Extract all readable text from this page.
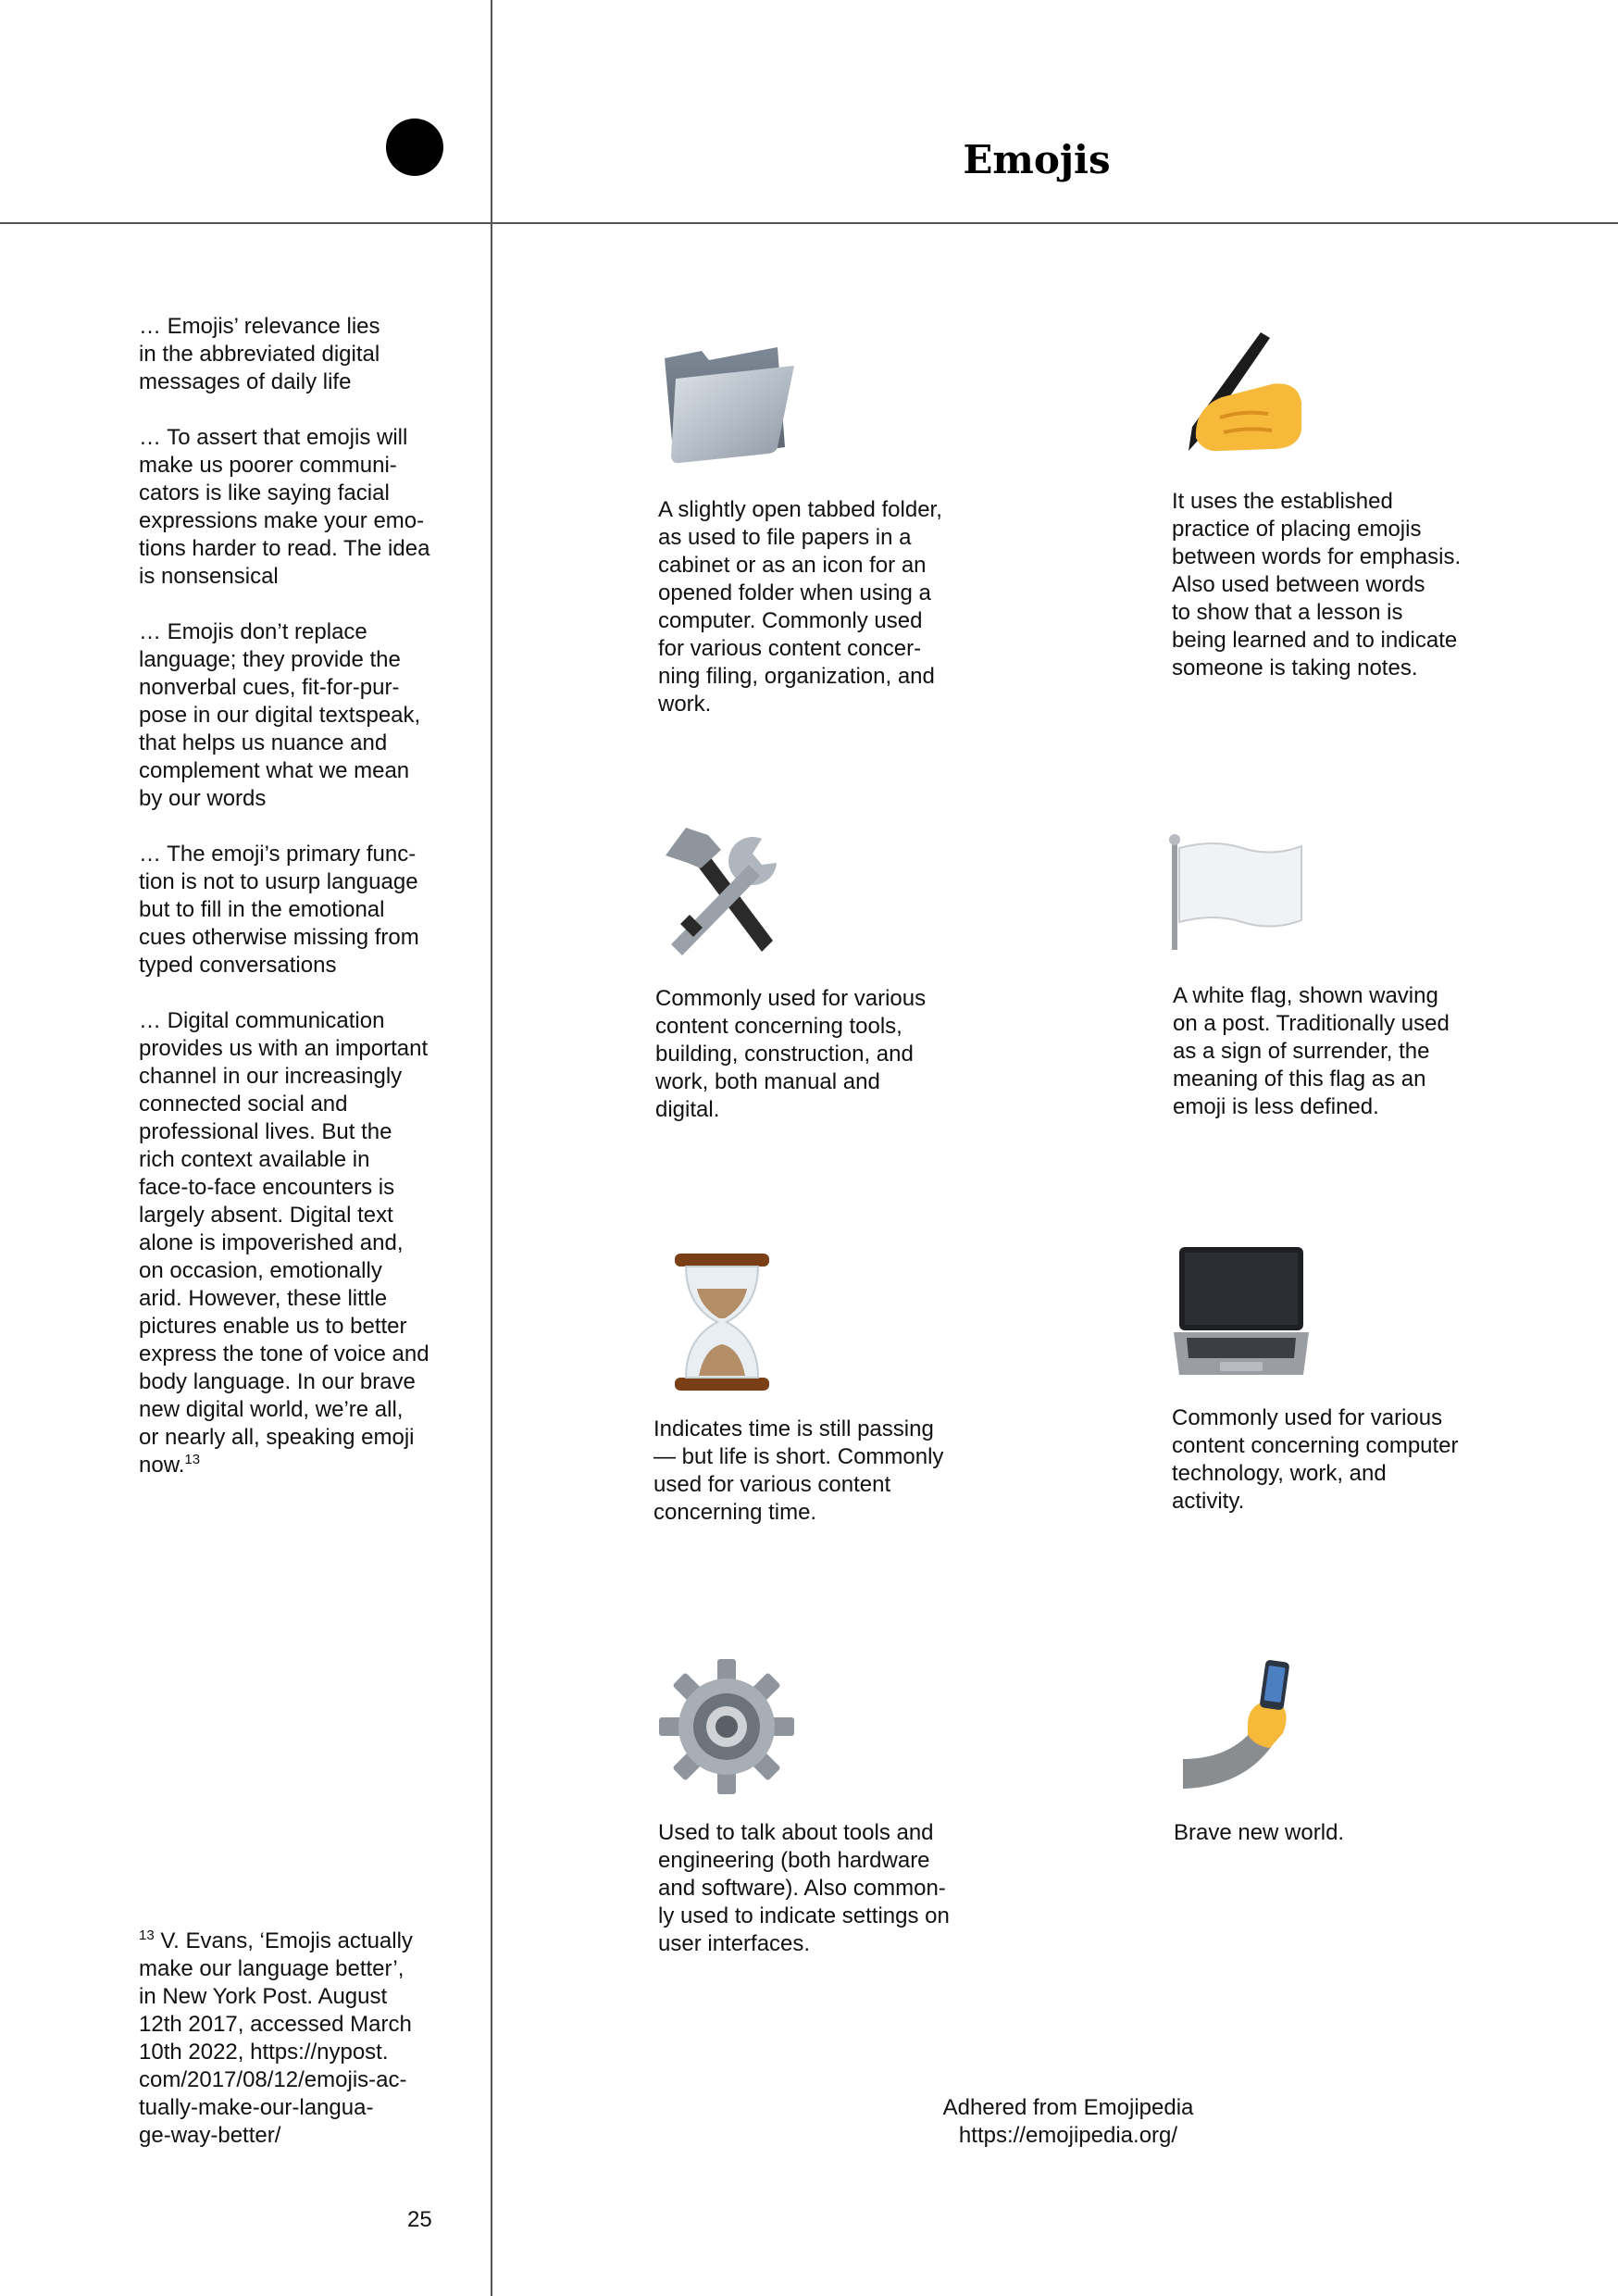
Emojis

… Emojis’ relevance lies
in the abbreviated digital
messages of daily life

… To assert that emojis will
make us poorer communi-
cators is like saying facial
expressions make your emo-
tions harder to read. The idea
is nonsensical

… Emojis don’t replace
language; they provide the
nonverbal cues, fit-for-pur-
pose in our digital textspeak,
that helps us nuance and
complement what we mean
by our words

… The emoji’s primary func-
tion is not to usurp language
but to fill in the emotional
cues otherwise missing from
typed conversations

… Digital communication
provides us with an important
channel in our increasingly
connected social and
professional lives. But the
rich context available in
face-to-face encounters is
largely absent. Digital text
alone is impoverished and,
on occasion, emotionally
arid. However, these little
pictures enable us to better
express the tone of voice and
body language. In our brave
new digital world, we’re all,
or nearly all, speaking emoji
now.$^{13}$

$^{13}$ V. Evans, ‘Emojis actually
make our language better’,
in New York Post. August
12th 2017, accessed March
10th 2022, https://nypost.
com/2017/08/12/emojis-ac-
tually-make-our-langua-
ge-way-better/
25
A slightly open tabbed folder,
as used to file papers in a
cabinet or as an icon for an
opened folder when using a
computer. Commonly used
for various content concer-
ning filing, organization, and
work.
It uses the established
practice of placing emojis
between words for emphasis.
Also used between words
to show that a lesson is
being learned and to indicate
someone is taking notes.
Commonly used for various
content concerning tools,
building, construction, and
work, both manual and
digital.
A white flag, shown waving
on a post. Traditionally used
as a sign of surrender, the
meaning of this flag as an
emoji is less defined.
Indicates time is still passing
— but life is short. Commonly
used for various content
concerning time.
Commonly used for various
content concerning computer
technology, work, and
activity.
Used to talk about tools and
engineering (both hardware
and software). Also common-
ly used to indicate settings on
user interfaces.
Brave new world.
Adhered from Emojipedia
https://emojipedia.org/
